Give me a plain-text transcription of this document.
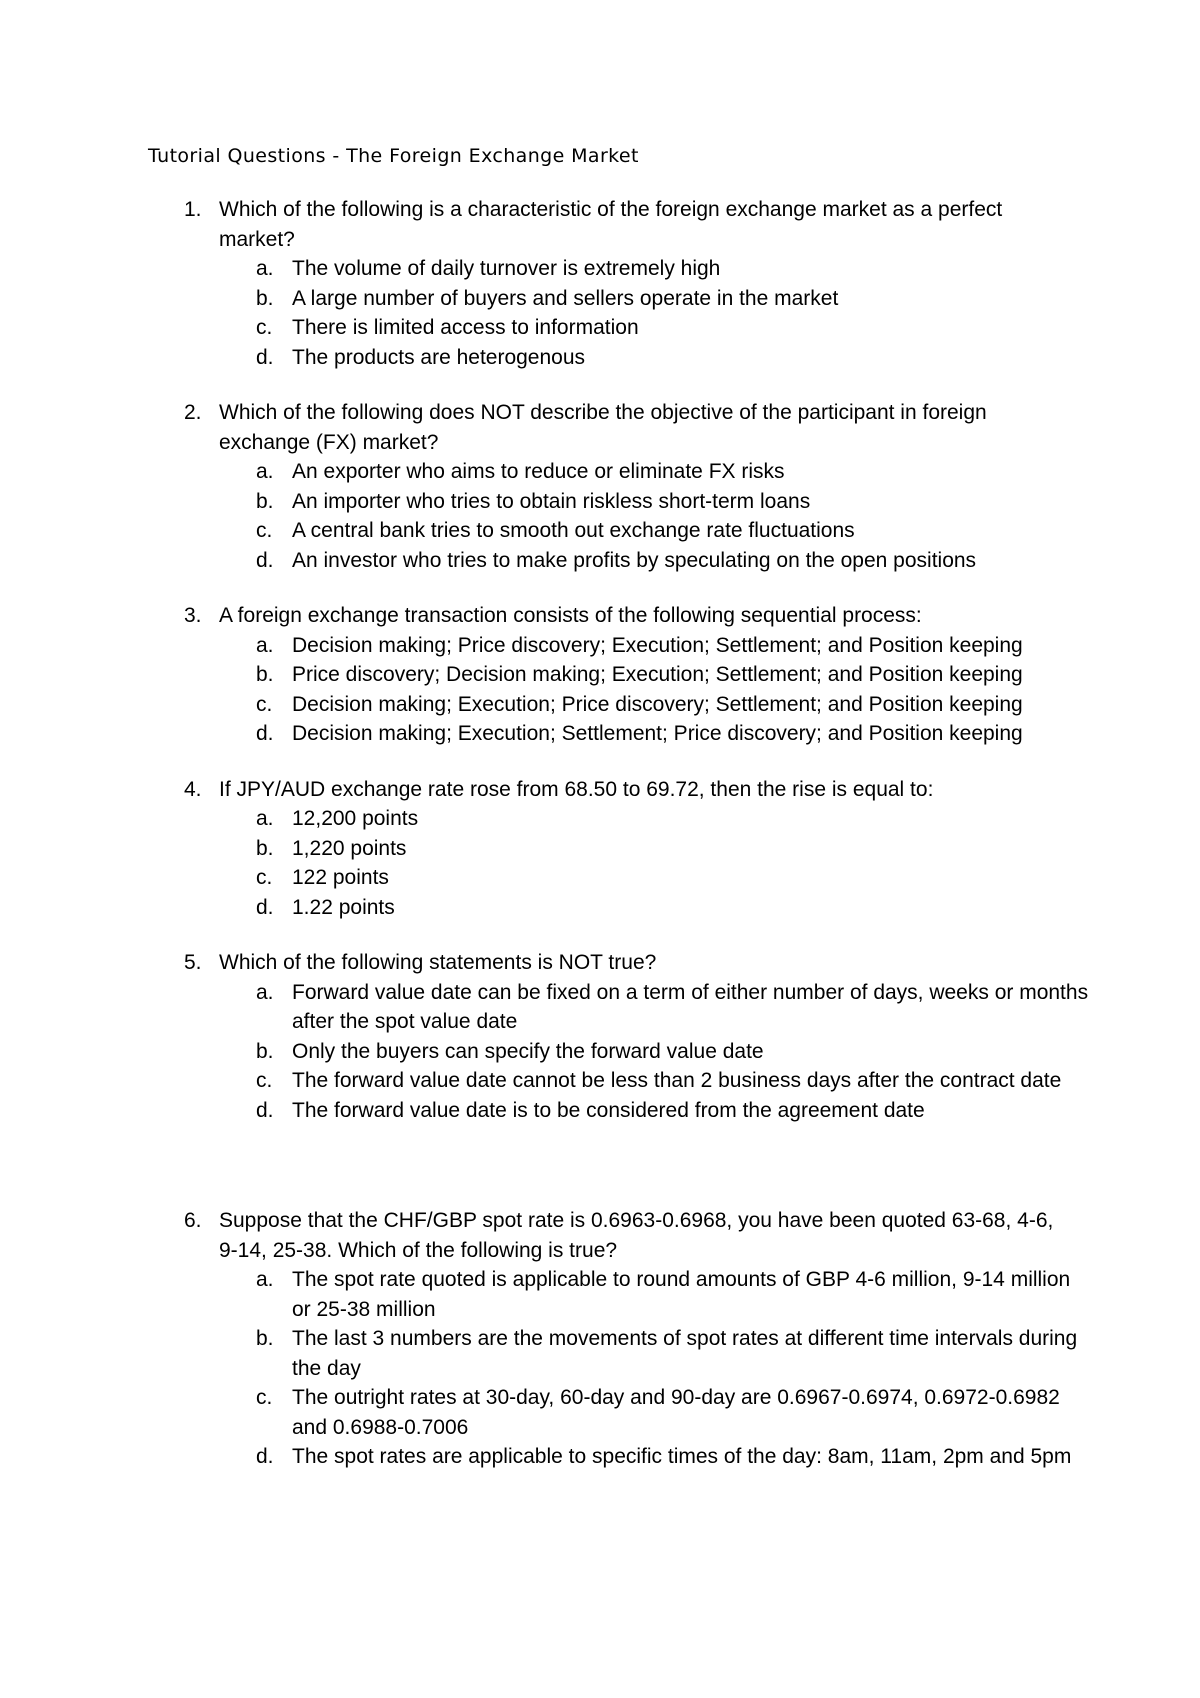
Tutorial Questions - The Foreign Exchange Market
1. Which of the following is a characteristic of the foreign exchange market as a perfect market?
a. The volume of daily turnover is extremely high
b. A large number of buyers and sellers operate in the market
c. There is limited access to information
d. The products are heterogenous
2. Which of the following does NOT describe the objective of the participant in foreign exchange (FX) market?
a. An exporter who aims to reduce or eliminate FX risks
b. An importer who tries to obtain riskless short-term loans
c. A central bank tries to smooth out exchange rate fluctuations
d. An investor who tries to make profits by speculating on the open positions
3. A foreign exchange transaction consists of the following sequential process:
a. Decision making; Price discovery; Execution; Settlement; and Position keeping
b. Price discovery; Decision making; Execution; Settlement; and Position keeping
c. Decision making; Execution; Price discovery; Settlement; and Position keeping
d. Decision making; Execution; Settlement; Price discovery; and Position keeping
4. If JPY/AUD exchange rate rose from 68.50 to 69.72, then the rise is equal to:
a. 12,200 points
b. 1,220 points
c. 122 points
d. 1.22 points
5. Which of the following statements is NOT true?
a. Forward value date can be fixed on a term of either number of days, weeks or months after the spot value date
b. Only the buyers can specify the forward value date
c. The forward value date cannot be less than 2 business days after the contract date
d. The forward value date is to be considered from the agreement date
6. Suppose that the CHF/GBP spot rate is 0.6963-0.6968, you have been quoted 63-68, 4-6, 9-14, 25-38. Which of the following is true?
a. The spot rate quoted is applicable to round amounts of GBP 4-6 million, 9-14 million or 25-38 million
b. The last 3 numbers are the movements of spot rates at different time intervals during the day
c. The outright rates at 30-day, 60-day and 90-day are 0.6967-0.6974, 0.6972-0.6982 and 0.6988-0.7006
d. The spot rates are applicable to specific times of the day: 8am, 11am, 2pm and 5pm
